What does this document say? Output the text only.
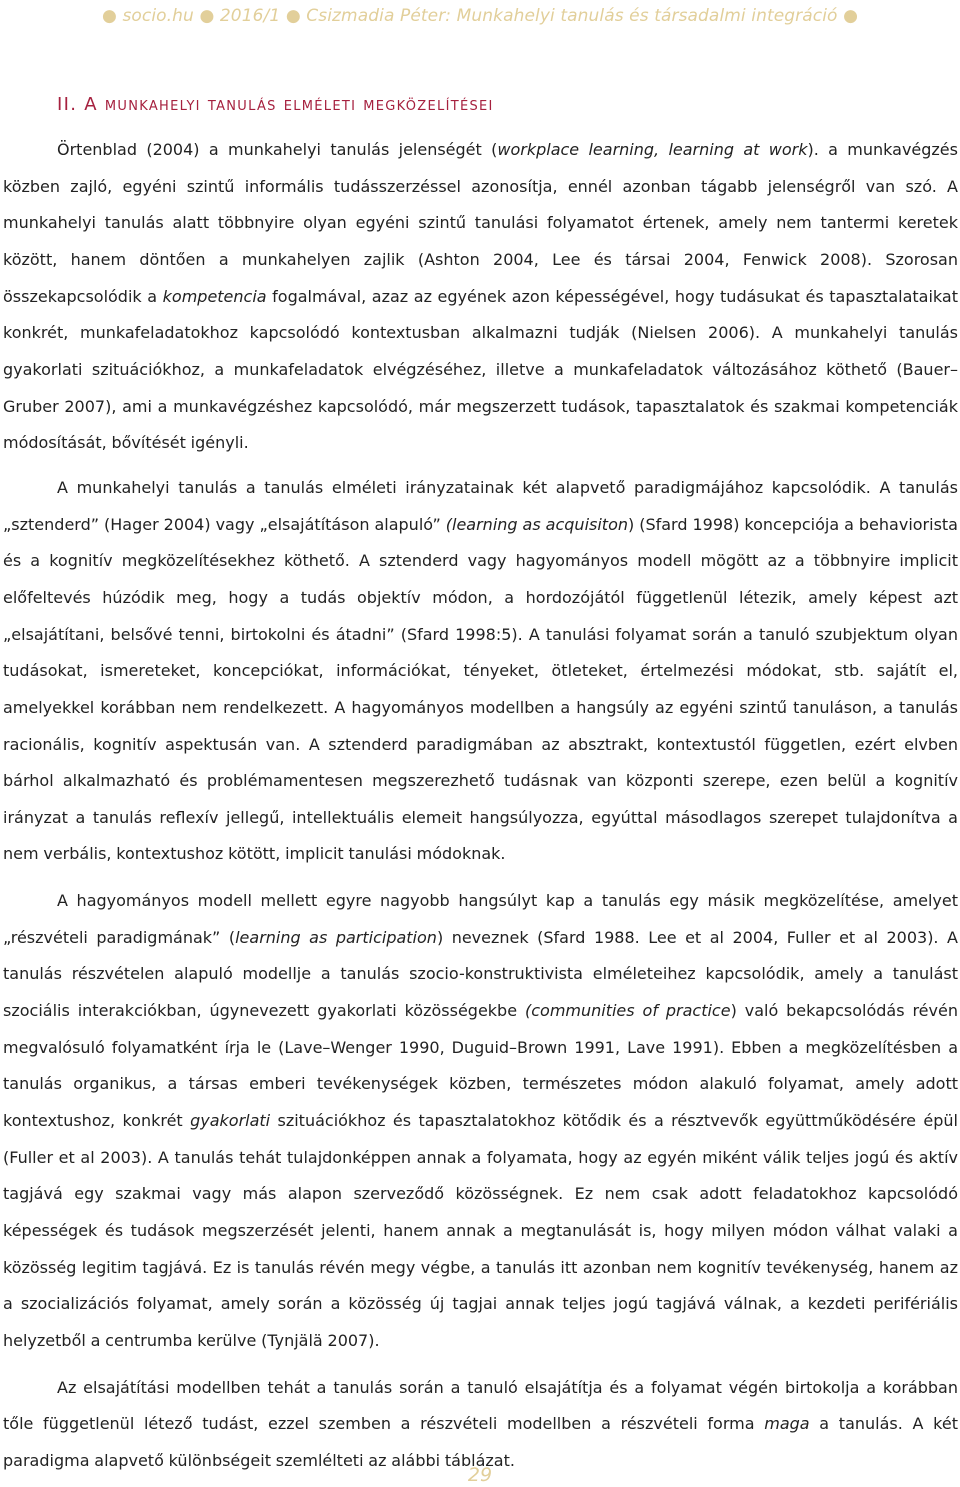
● socio.hu ● 2016/1 ● Csizmadia Péter: Munkahelyi tanulás és társadalmi integráció ●
II. A munkahelyi tanulás elméleti megközelítései

Örtenblad (2004) a munkahelyi tanulás jelenségét (workplace learning, learning at work). a munkavégzés közben zajló, egyéni szintű informális tudásszerzéssel azonosítja, ennél azonban tágabb jelenségről van szó. A munkahelyi tanulás alatt többnyire olyan egyéni szintű tanulási folyamatot értenek, amely nem tantermi keretek között, hanem döntően a munkahelyen zajlik (Ashton 2004, Lee és társai 2004, Fenwick 2008). Szorosan összekapcsolódik a kompetencia fogalmával, azaz az egyének azon képességével, hogy tudásukat és tapasztalataikat konkrét, munkafeladatokhoz kapcsolódó kontextusban alkalmazni tudják (Nielsen 2006). A munkahelyi tanulás gyakorlati szituációkhoz, a munkafeladatok elvégzéséhez, illetve a munkafeladatok változásához köthető (Bauer–Gruber 2007), ami a munkavégzéshez kapcsolódó, már megszerzett tudások, tapasztalatok és szakmai kompetenciák módosítását, bővítését igényli.

A munkahelyi tanulás a tanulás elméleti irányzatainak két alapvető paradigmájához kapcsolódik. A tanulás „sztenderd” (Hager 2004) vagy „elsajátításon alapuló” (learning as acquisiton) (Sfard 1998) koncepciója a behaviorista és a kognitív megközelítésekhez köthető. A sztenderd vagy hagyományos modell mögött az a többnyire implicit előfeltevés húzódik meg, hogy a tudás objektív módon, a hordozójától függetlenül létezik, amely képest azt „elsajátítani, belsővé tenni, birtokolni és átadni” (Sfard 1998:5). A tanulási folyamat során a tanuló szubjektum olyan tudásokat, ismereteket, koncepciókat, információkat, tényeket, ötleteket, értelmezési módokat, stb. sajátít el, amelyekkel korábban nem rendelkezett. A hagyományos modellben a hangsúly az egyéni szintű tanuláson, a tanulás racionális, kognitív aspektusán van. A sztenderd paradigmában az absztrakt, kontextustól független, ezért elvben bárhol alkalmazható és problémamentesen megszerezhető tudásnak van központi szerepe, ezen belül a kognitív irányzat a tanulás reflexív jellegű, intellektuális elemeit hangsúlyozza, egyúttal másodlagos szerepet tulajdonítva a nem verbális, kontextushoz kötött, implicit tanulási módoknak.

A hagyományos modell mellett egyre nagyobb hangsúlyt kap a tanulás egy másik megközelítése, amelyet „részvételi paradigmának” (learning as participation) neveznek (Sfard 1988. Lee et al 2004, Fuller et al 2003). A tanulás részvételen alapuló modellje a tanulás szocio-konstruktivista elméleteihez kapcsolódik, amely a tanulást szociális interakciókban, úgynevezett gyakorlati közösségekbe (communities of practice) való bekapcsolódás révén megvalósuló folyamatként írja le (Lave–Wenger 1990, Duguid–Brown 1991, Lave 1991). Ebben a megközelítésben a tanulás organikus, a társas emberi tevékenységek közben, természetes módon alakuló folyamat, amely adott kontextushoz, konkrét gyakorlati szituációkhoz és tapasztalatokhoz kötődik és a résztvevők együttműködésére épül (Fuller et al 2003). A tanulás tehát tulajdonképpen annak a folyamata, hogy az egyén miként válik teljes jogú és aktív tagjává egy szakmai vagy más alapon szerveződő közösségnek. Ez nem csak adott feladatokhoz kapcsolódó képességek és tudások megszerzését jelenti, hanem annak a megtanulását is, hogy milyen módon válhat valaki a közösség legitim tagjává. Ez is tanulás révén megy végbe, a tanulás itt azonban nem kognitív tevékenység, hanem az a szocializációs folyamat, amely során a közösség új tagjai annak teljes jogú tagjává válnak, a kezdeti perifériális helyzetből a centrumba kerülve (Tynjälä 2007).

Az elsajátítási modellben tehát a tanulás során a tanuló elsajátítja és a folyamat végén birtokolja a korábban tőle függetlenül létező tudást, ezzel szemben a részvételi modellben a részvételi forma maga a tanulás. A két paradigma alapvető különbségeit szemlélteti az alábbi táblázat.

29
